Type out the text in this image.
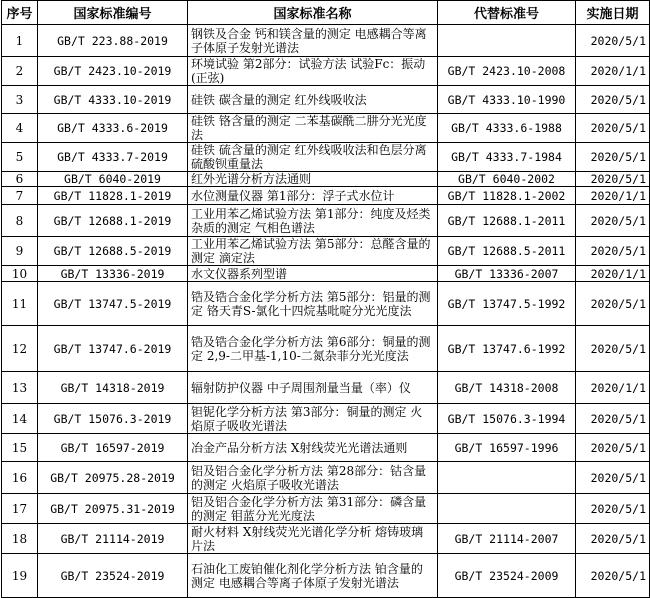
序号	国家标准编号	国家标准名称	代替标准号	实施日期
1	GB/T 223.88-2019	钢铁及合金 钙和镁含量的测定 电感耦合等离子体原子发射光谱法		2020/5/1
2	GB/T 2423.10-2019	环境试验 第2部分：试验方法 试验Fc：振动(正弦)	GB/T 2423.10-2008	2020/1/1
3	GB/T 4333.10-2019	硅铁 碳含量的测定 红外线吸收法	GB/T 4333.10-1990	2020/5/1
4	GB/T 4333.6-2019	硅铁 铬含量的测定 二苯基碳酰二肼分光光度法	GB/T 4333.6-1988	2020/5/1
5	GB/T 4333.7-2019	硅铁 硫含量的测定 红外线吸收法和色层分离硫酸钡重量法	GB/T 4333.7-1984	2020/5/1
6	GB/T 6040-2019	红外光谱分析方法通则	GB/T 6040-2002	2020/5/1
7	GB/T 11828.1-2019	水位测量仪器 第1部分：浮子式水位计	GB/T 11828.1-2002	2020/1/1
8	GB/T 12688.1-2019	工业用苯乙烯试验方法 第1部分：纯度及烃类杂质的测定 气相色谱法	GB/T 12688.1-2011	2020/5/1
9	GB/T 12688.5-2019	工业用苯乙烯试验方法 第5部分：总醛含量的测定 滴定法	GB/T 12688.5-2011	2020/5/1
10	GB/T 13336-2019	水文仪器系列型谱	GB/T 13336-2007	2020/1/1
11	GB/T 13747.5-2019	锆及锆合金化学分析方法 第5部分：铝量的测定 铬天青S-氯化十四烷基吡啶分光光度法	GB/T 13747.5-1992	2020/5/1
12	GB/T 13747.6-2019	锆及锆合金化学分析方法 第6部分：铜量的测定 2,9-二甲基-1,10-二氮杂菲分光光度法	GB/T 13747.6-1992	2020/5/1
13	GB/T 14318-2019	辐射防护仪器 中子周围剂量当量（率）仪	GB/T 14318-2008	2020/1/1
14	GB/T 15076.3-2019	钽铌化学分析方法 第3部分：铜量的测定 火焰原子吸收光谱法	GB/T 15076.3-1994	2020/5/1
15	GB/T 16597-2019	冶金产品分析方法 X射线荧光光谱法通则	GB/T 16597-1996	2020/5/1
16	GB/T 20975.28-2019	铝及铝合金化学分析方法 第28部分：钴含量的测定 火焰原子吸收光谱法		2020/5/1
17	GB/T 20975.31-2019	铝及铝合金化学分析方法 第31部分：磷含量的测定 钼蓝分光光度法		2020/5/1
18	GB/T 21114-2019	耐火材料 X射线荧光光谱化学分析 熔铸玻璃片法	GB/T 21114-2007	2020/5/1
19	GB/T 23524-2019	石油化工废铂催化剂化学分析方法 铂含量的测定 电感耦合等离子体原子发射光谱法	GB/T 23524-2009	2020/5/1
